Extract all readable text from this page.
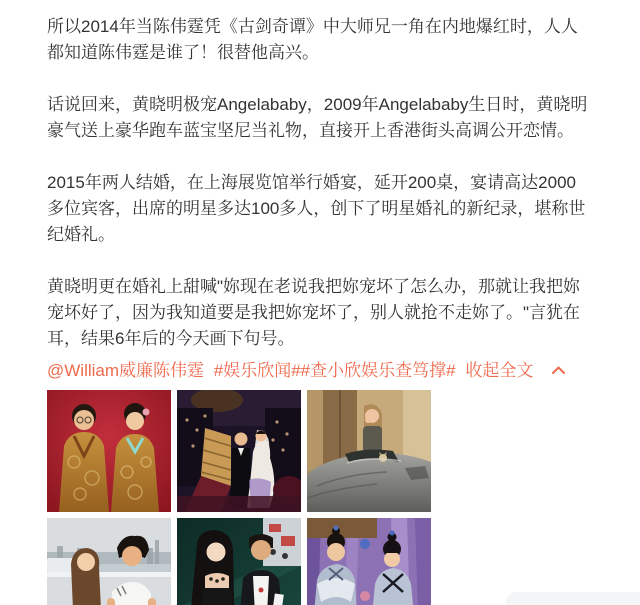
所以2014年当陈伟霆凭《古剑奇谭》中大师兄一角在内地爆红时，人人都知道陈伟霆是谁了！很替他高兴。

话说回来，黄晓明极宠Angelababy，2009年Angelababy生日时，黄晓明豪气送上豪华跑车蓝宝坚尼当礼物，直接开上香港街头高调公开恋情。

2015年两人结婚，在上海展览馆举行婚宴，延开200桌，宴请高达2000多位宾客，出席的明星多达100多人，创下了明星婚礼的新纪录，堪称世纪婚礼。

黄晓明更在婚礼上甜喊"妳现在老说我把妳宠坏了怎么办，那就让我把妳宠坏好了，因为我知道要是我把妳宠坏了，别人就抢不走妳了。"言犹在耳，结果6年后的今天画下句号。

@William威廉陈伟霆 #娱乐欣闻##查小欣娱乐查笃撑# 收起全文
